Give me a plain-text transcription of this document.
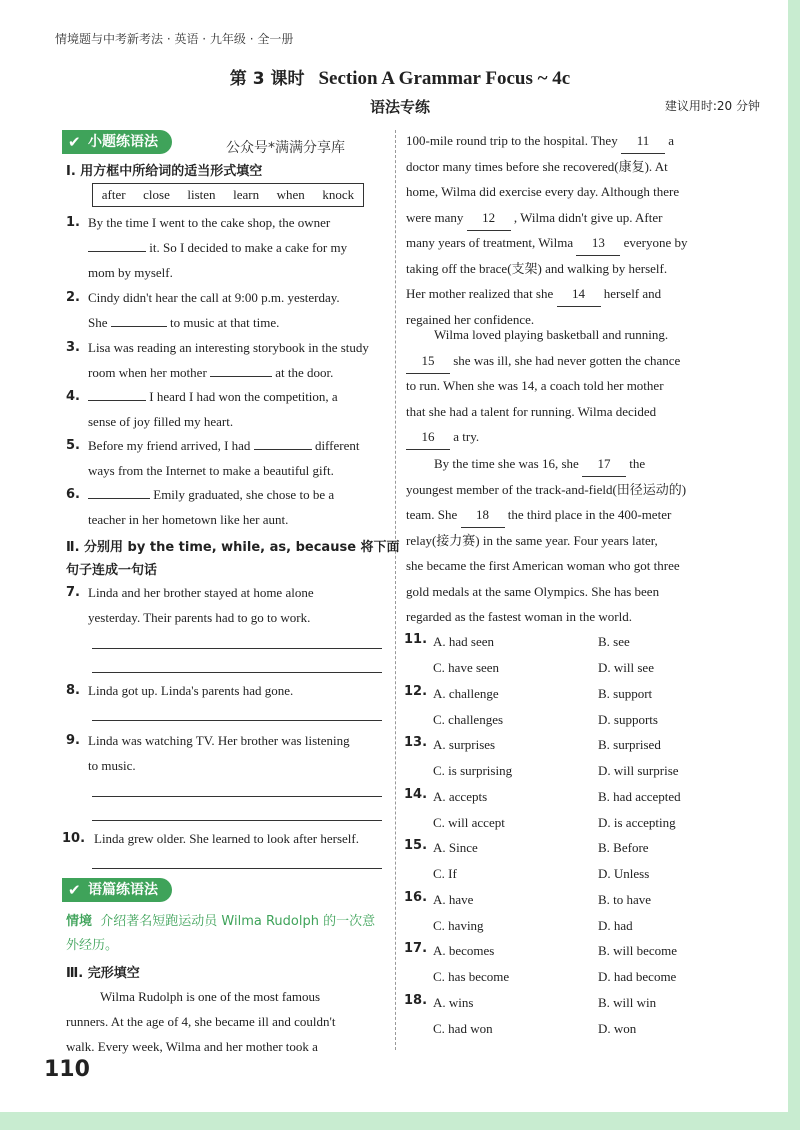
情境题与中考新考法 · 英语 · 九年级 · 全一册
第 3 课时 Section A Grammar Focus ~ 4c
语法专练	建议用时:20 分钟
✔ 小题练语法	公众号*满满分享库
Ⅰ. 用方框中所给词的适当形式填空
after close listen learn when knock
1. By the time I went to the cake shop, the owner
it. So I decided to make a cake for my
mom by myself.
2. Cindy didn't hear the call at 9:00 p.m. yesterday.
She	to music at that time.
3. Lisa was reading an interesting storybook in the study
room when her mother	at the door.
4.	I heard I had won the competition, a
sense of joy filled my heart.
5. Before my friend arrived, I had	different
ways from the Internet to make a beautiful gift.
6.	Emily graduated, she chose to be a
teacher in her hometown like her aunt.
Ⅱ. 分别用 by the time, while, as, because 将下面
句子连成一句话
7. Linda and her brother stayed at home alone
yesterday. Their parents had to go to work.
8. Linda got up. Linda's parents had gone.
9. Linda was watching TV. Her brother was listening
to music.
10. Linda grew older. She learned to look after herself.
✔ 语篇练语法
情境 介绍著名短跑运动员 Wilma Rudolph 的一次意外经历。
Ⅲ. 完形填空
Wilma Rudolph is one of the most famous
runners. At the age of 4, she became ill and couldn't
walk. Every week, Wilma and her mother took a
110
100-mile round trip to the hospital. They 11 a
doctor many times before she recovered(康复). At
home, Wilma did exercise every day. Although there
were many 12 , Wilma didn't give up. After
many years of treatment, Wilma 13 everyone by
taking off the brace(支架) and walking by herself.
Her mother realized that she 14 herself and
regained her confidence.
Wilma loved playing basketball and running.
15 she was ill, she had never gotten the chance
to run. When she was 14, a coach told her mother
that she had a talent for running. Wilma decided
16 a try.
By the time she was 16, she 17 the
youngest member of the track-and-field(田径运动的)
team. She 18 the third place in the 400-meter
relay(接力赛) in the same year. Four years later,
she became the first American woman who got three
gold medals at the same Olympics. She has been
regarded as the fastest woman in the world.
11. A. had seen	B. see
C. have seen	D. will see
12. A. challenge	B. support
C. challenges	D. supports
13. A. surprises	B. surprised
C. is surprising	D. will surprise
14. A. accepts	B. had accepted
C. will accept	D. is accepting
15. A. Since	B. Before
C. If	D. Unless
16. A. have	B. to have
C. having	D. had
17. A. becomes	B. will become
C. has become	D. had become
18. A. wins	B. will win
C. had won	D. won
